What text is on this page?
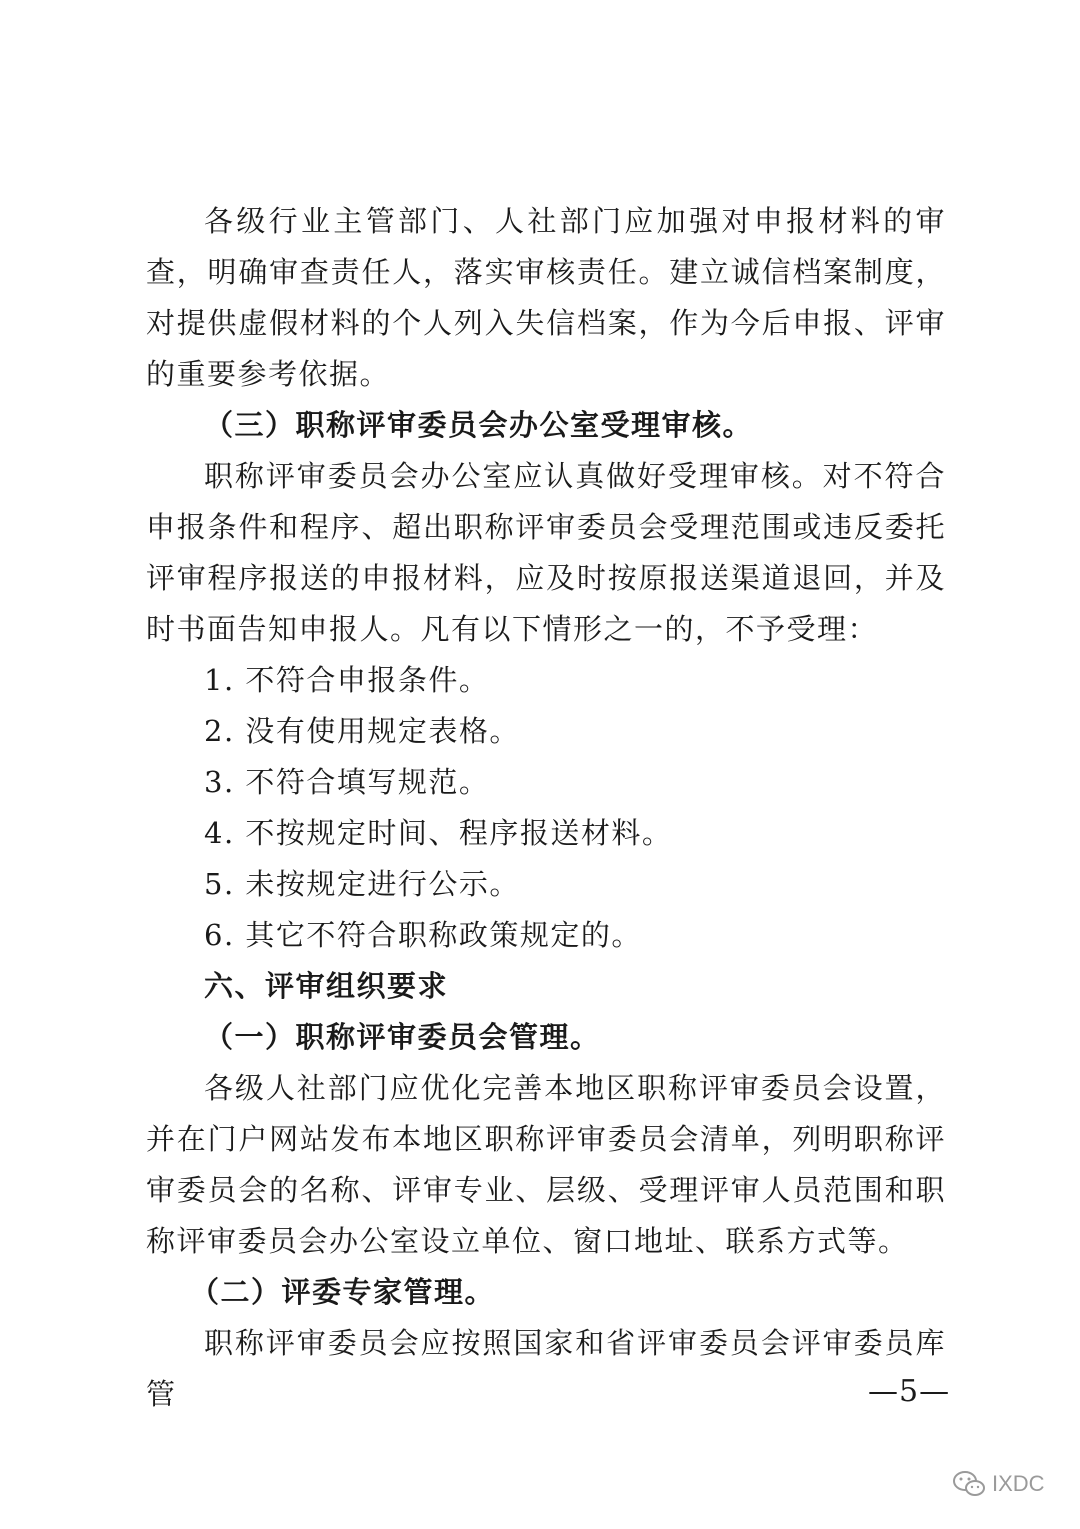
各级行业主管部门、人社部门应加强对申报材料的审查，明确审查责任人，落实审核责任。建立诚信档案制度，对提供虚假材料的个人列入失信档案，作为今后申报、评审的重要参考依据。

（三）职称评审委员会办公室受理审核。

职称评审委员会办公室应认真做好受理审核。对不符合申报条件和程序、超出职称评审委员会受理范围或违反委托评审程序报送的申报材料，应及时按原报送渠道退回，并及时书面告知申报人。凡有以下情形之一的，不予受理：

1. 不符合申报条件。

2. 没有使用规定表格。

3. 不符合填写规范。

4. 不按规定时间、程序报送材料。

5. 未按规定进行公示。

6. 其它不符合职称政策规定的。

六、评审组织要求

（一）职称评审委员会管理。

各级人社部门应优化完善本地区职称评审委员会设置，并在门户网站发布本地区职称评审委员会清单，列明职称评审委员会的名称、评审专业、层级、受理评审人员范围和职称评审委员会办公室设立单位、窗口地址、联系方式等。

（二）评委专家管理。

职称评审委员会应按照国家和省评审委员会评审委员库管	—5—
IXDC
